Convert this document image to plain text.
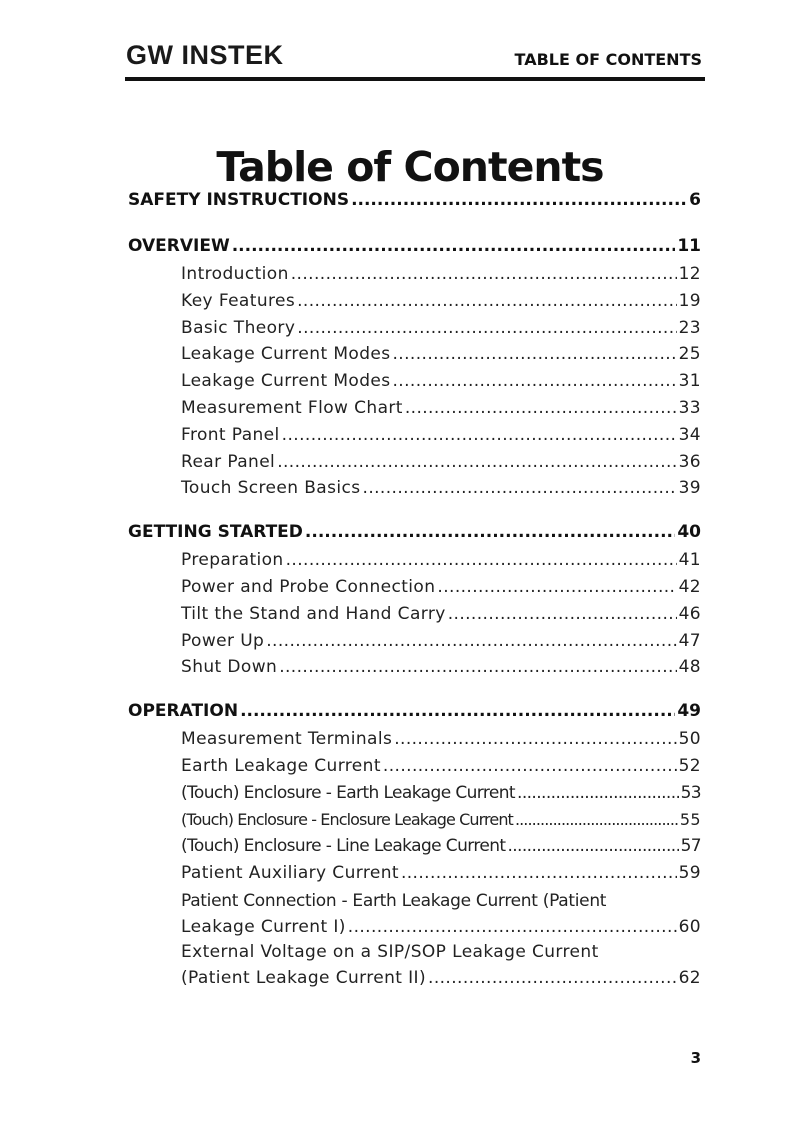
GW INSTEK	TABLE OF CONTENTS
Table of Contents
SAFETY INSTRUCTIONS .....	6
OVERVIEW .....	11
Introduction .....	12
Key Features .....	19
Basic Theory .....	23
Leakage Current Modes .....	25
Leakage Current Modes .....	31
Measurement Flow Chart .....	33
Front Panel .....	34
Rear Panel .....	36
Touch Screen Basics .....	39
GETTING STARTED .....	40
Preparation .....	41
Power and Probe Connection .....	42
Tilt the Stand and Hand Carry .....	46
Power Up .....	47
Shut Down .....	48
OPERATION .....	49
Measurement Terminals .....	50
Earth Leakage Current .....	52
(Touch) Enclosure - Earth Leakage Current .....	53
(Touch) Enclosure - Enclosure Leakage Current .....	55
(Touch) Enclosure - Line Leakage Current .....	57
Patient Auxiliary Current .....	59
Patient Connection - Earth Leakage Current (Patient
Leakage Current I) .....	60
External Voltage on a SIP/SOP Leakage Current
(Patient Leakage Current II) .....	62
3
